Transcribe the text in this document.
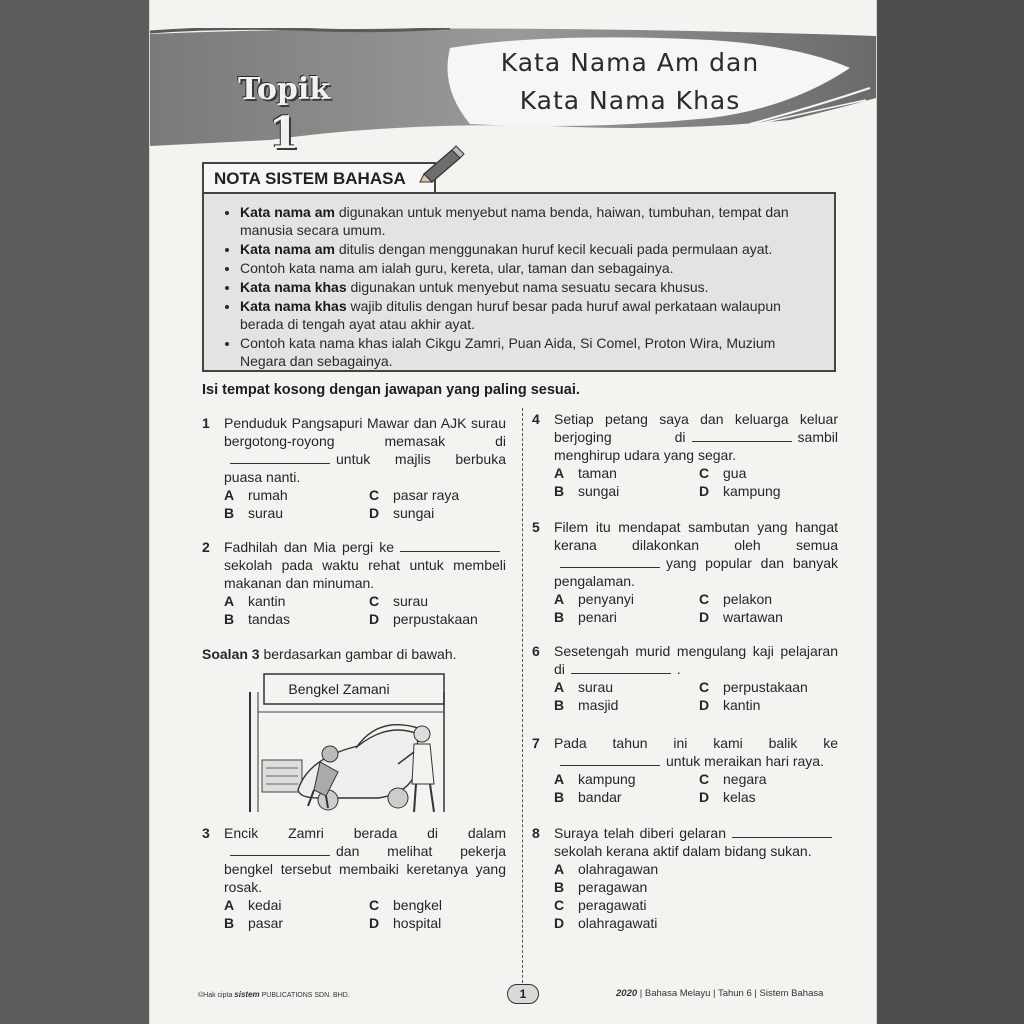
Topik
1
Kata Nama Am dan
Kata Nama Khas
NOTA SISTEM BAHASA
• Kata nama am digunakan untuk menyebut nama benda, haiwan, tumbuhan, tempat dan manusia secara umum.
• Kata nama am ditulis dengan menggunakan huruf kecil kecuali pada permulaan ayat.
• Contoh kata nama am ialah guru, kereta, ular, taman dan sebagainya.
• Kata nama khas digunakan untuk menyebut nama sesuatu secara khusus.
• Kata nama khas wajib ditulis dengan huruf besar pada huruf awal perkataan walaupun berada di tengah ayat atau akhir ayat.
• Contoh kata nama khas ialah Cikgu Zamri, Puan Aida, Si Comel, Proton Wira, Muzium Negara dan sebagainya.
Isi tempat kosong dengan jawapan yang paling sesuai.
1 Penduduk Pangsapuri Mawar dan AJK surau bergotong-royong memasak diuntuk majlis berbuka puasa nanti.
A rumah	C pasar raya
B surau	D sungai
2 Fadhilah dan Mia pergi kesekolah pada waktu rehat untuk membeli makanan dan minuman.
A kantin	C surau
B tandas	D perpustakaan
Soalan 3 berdasarkan gambar di bawah.
Bengkel Zamani
3 Encik Zamri berada di dalamdan melihat pekerja bengkel tersebut membaiki keretanya yang rosak.
A kedai	C bengkel
B pasar	D hospital
4 Setiap petang saya dan keluarga keluar berjoging di	sambil menghirup udara yang segar.
A taman	C gua
B sungai	D kampung
5 Filem itu mendapat sambutan yang hangat kerana dilakonkan oleh semuayang popular dan banyak pengalaman.
A penyanyi	C pelakon
B penari	D wartawan
6 Sesetengah murid mengulang kaji pelajaran di	.
A surau	C perpustakaan
B masjid	D kantin
7 Pada tahun ini kami balik keuntuk meraikan hari raya.
A kampung	C negara
B bandar	D kelas
8 Suraya telah diberi gelaransekolah kerana aktif dalam bidang sukan.
A olahragawan
B peragawan
C peragawati
D olahragawati
©Hak cipta sistem PUBLICATIONS SDN. BHD.	1	2020 | Bahasa Melayu | Tahun 6 | Sistem Bahasa
